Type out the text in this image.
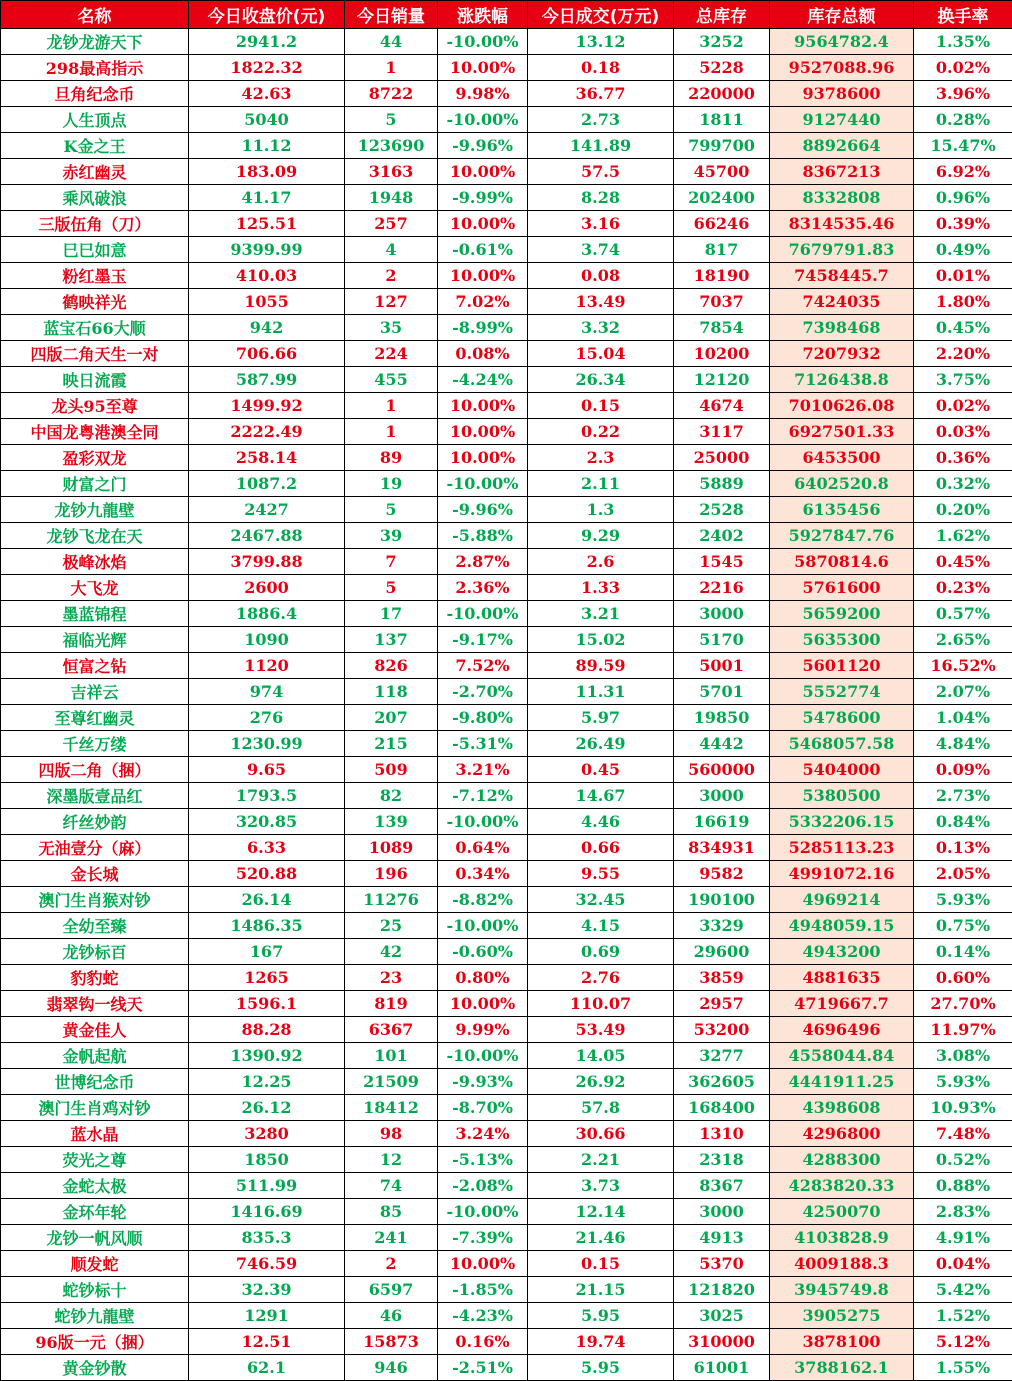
名称	今日收盘价(元)	今日销量	涨跌幅	今日成交(万元)	总库存	库存总额	换手率
龙钞龙游天下	2941.2	44	-10.00%	13.12	3252	9564782.4	1.35%
298最高指示	1822.32	1	10.00%	0.18	5228	9527088.96	0.02%
旦角纪念币	42.63	8722	9.98%	36.77	220000	9378600	3.96%
人生顶点	5040	5	-10.00%	2.73	1811	9127440	0.28%
K金之王	11.12	123690	-9.96%	141.89	799700	8892664	15.47%
赤红幽灵	183.09	3163	10.00%	57.5	45700	8367213	6.92%
乘风破浪	41.17	1948	-9.99%	8.28	202400	8332808	0.96%
三版伍角（刀）	125.51	257	10.00%	3.16	66246	8314535.46	0.39%
巳巳如意	9399.99	4	-0.61%	3.74	817	7679791.83	0.49%
粉红墨玉	410.03	2	10.00%	0.08	18190	7458445.7	0.01%
鹤映祥光	1055	127	7.02%	13.49	7037	7424035	1.80%
蓝宝石66大顺	942	35	-8.99%	3.32	7854	7398468	0.45%
四版二角天生一对	706.66	224	0.08%	15.04	10200	7207932	2.20%
映日流霞	587.99	455	-4.24%	26.34	12120	7126438.8	3.75%
龙头95至尊	1499.92	1	10.00%	0.15	4674	7010626.08	0.02%
中国龙粤港澳全同	2222.49	1	10.00%	0.22	3117	6927501.33	0.03%
盈彩双龙	258.14	89	10.00%	2.3	25000	6453500	0.36%
财富之门	1087.2	19	-10.00%	2.11	5889	6402520.8	0.32%
龙钞九龍壁	2427	5	-9.96%	1.3	2528	6135456	0.20%
龙钞飞龙在天	2467.88	39	-5.88%	9.29	2402	5927847.76	1.62%
极峰冰焰	3799.88	7	2.87%	2.6	1545	5870814.6	0.45%
大飞龙	2600	5	2.36%	1.33	2216	5761600	0.23%
墨蓝锦程	1886.4	17	-10.00%	3.21	3000	5659200	0.57%
福临光辉	1090	137	-9.17%	15.02	5170	5635300	2.65%
恒富之钻	1120	826	7.52%	89.59	5001	5601120	16.52%
吉祥云	974	118	-2.70%	11.31	5701	5552774	2.07%
至尊红幽灵	276	207	-9.80%	5.97	19850	5478600	1.04%
千丝万缕	1230.99	215	-5.31%	26.49	4442	5468057.58	4.84%
四版二角（捆）	9.65	509	3.21%	0.45	560000	5404000	0.09%
深墨版壹品红	1793.5	82	-7.12%	14.67	3000	5380500	2.73%
纤丝妙韵	320.85	139	-10.00%	4.46	16619	5332206.15	0.84%
无油壹分（麻）	6.33	1089	0.64%	0.66	834931	5285113.23	0.13%
金长城	520.88	196	0.34%	9.55	9582	4991072.16	2.05%
澳门生肖猴对钞	26.14	11276	-8.82%	32.45	190100	4969214	5.93%
全幼至臻	1486.35	25	-10.00%	4.15	3329	4948059.15	0.75%
龙钞标百	167	42	-0.60%	0.69	29600	4943200	0.14%
豹豹蛇	1265	23	0.80%	2.76	3859	4881635	0.60%
翡翠钩一线天	1596.1	819	10.00%	110.07	2957	4719667.7	27.70%
黄金佳人	88.28	6367	9.99%	53.49	53200	4696496	11.97%
金帆起航	1390.92	101	-10.00%	14.05	3277	4558044.84	3.08%
世博纪念币	12.25	21509	-9.93%	26.92	362605	4441911.25	5.93%
澳门生肖鸡对钞	26.12	18412	-8.70%	57.8	168400	4398608	10.93%
蓝水晶	3280	98	3.24%	30.66	1310	4296800	7.48%
荧光之尊	1850	12	-5.13%	2.21	2318	4288300	0.52%
金蛇太极	511.99	74	-2.08%	3.73	8367	4283820.33	0.88%
金环年轮	1416.69	85	-10.00%	12.14	3000	4250070	2.83%
龙钞一帆风顺	835.3	241	-7.39%	21.46	4913	4103828.9	4.91%
顺发蛇	746.59	2	10.00%	0.15	5370	4009188.3	0.04%
蛇钞标十	32.39	6597	-1.85%	21.15	121820	3945749.8	5.42%
蛇钞九龍壁	1291	46	-4.23%	5.95	3025	3905275	1.52%
96版一元（捆）	12.51	15873	0.16%	19.74	310000	3878100	5.12%
黄金钞散	62.1	946	-2.51%	5.95	61001	3788162.1	1.55%
